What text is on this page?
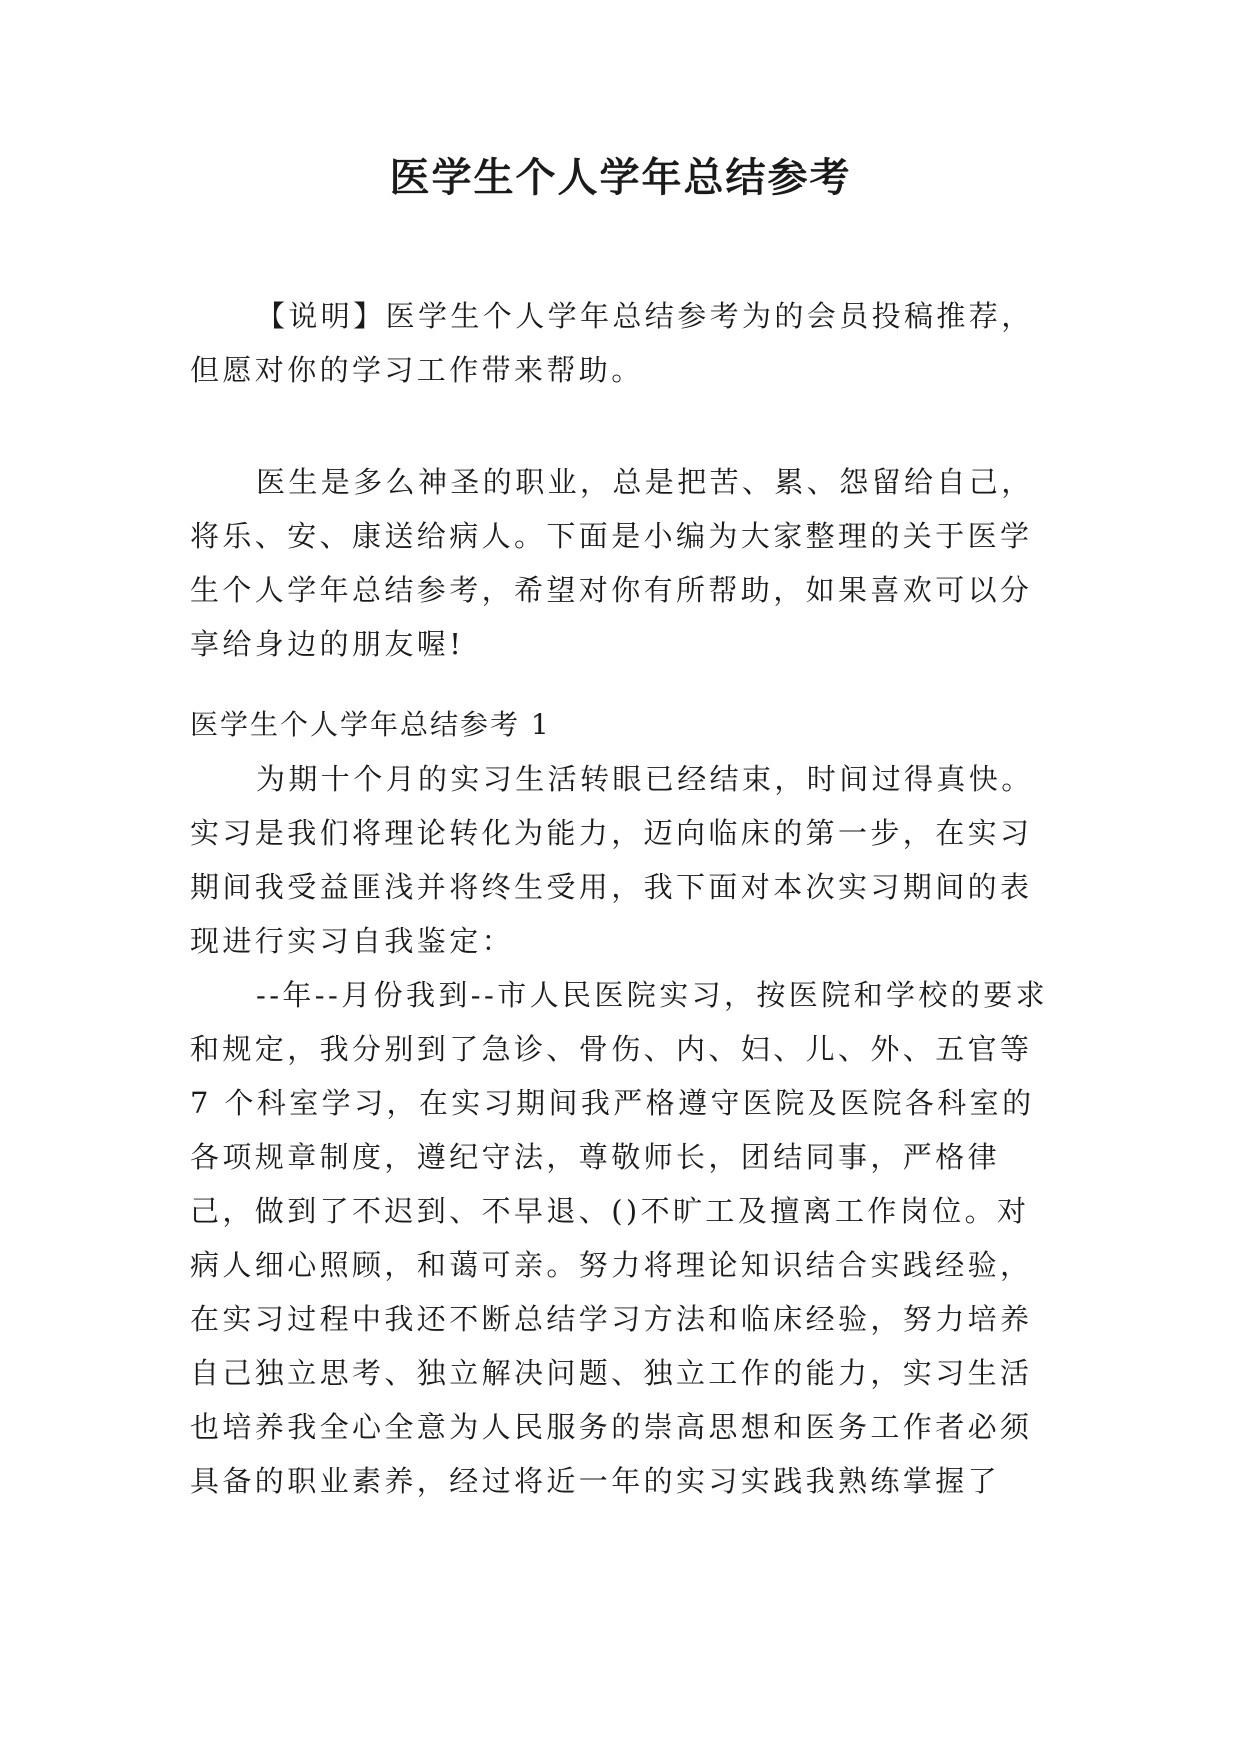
医学生个人学年总结参考

【说明】医学生个人学年总结参考为的会员投稿推荐，但愿对你的学习工作带来帮助。

医生是多么神圣的职业，总是把苦、累、怨留给自己，将乐、安、康送给病人。下面是小编为大家整理的关于医学生个人学年总结参考，希望对你有所帮助，如果喜欢可以分享给身边的朋友喔!

医学生个人学年总结参考 1

为期十个月的实习生活转眼已经结束，时间过得真快。实习是我们将理论转化为能力，迈向临床的第一步，在实习期间我受益匪浅并将终生受用，我下面对本次实习期间的表现进行实习自我鉴定：

--年--月份我到--市人民医院实习，按医院和学校的要求和规定，我分别到了急诊、骨伤、内、妇、儿、外、五官等 7 个科室学习，在实习期间我严格遵守医院及医院各科室的各项规章制度，遵纪守法，尊敬师长，团结同事，严格律己，做到了不迟到、不早退、()不旷工及擅离工作岗位。对病人细心照顾，和蔼可亲。努力将理论知识结合实践经验，在实习过程中我还不断总结学习方法和临床经验，努力培养自己独立思考、独立解决问题、独立工作的能力，实习生活也培养我全心全意为人民服务的崇高思想和医务工作者必须具备的职业素养，经过将近一年的实习实践我熟练掌握了
